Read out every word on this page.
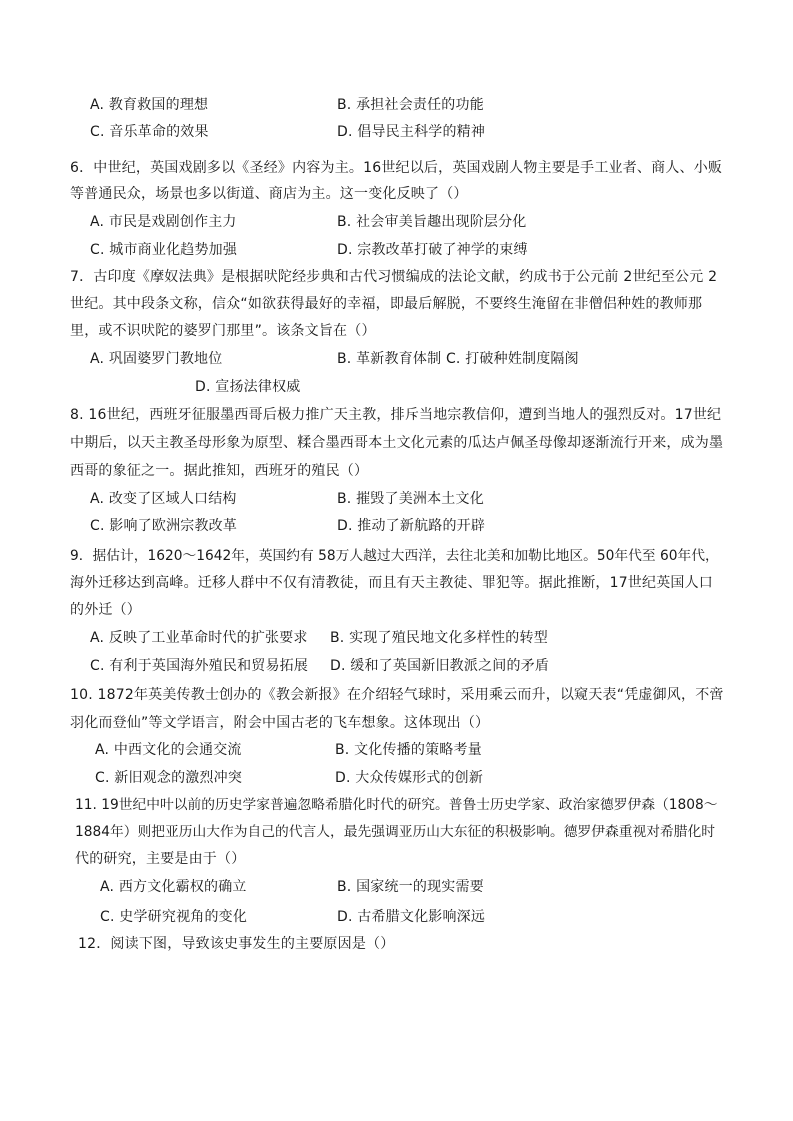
A. 教育救国的理想	B. 承担社会责任的功能
C. 音乐革命的效果	D. 倡导民主科学的精神
6．中世纪，英国戏剧多以《圣经》内容为主。16世纪以后，英国戏剧人物主要是手工业者、商人、小贩
等普通民众，场景也多以街道、商店为主。这一变化反映了（）
A. 市民是戏剧创作主力	B. 社会审美旨趣出现阶层分化
C. 城市商业化趋势加强	D. 宗教改革打破了神学的束缚
7．古印度《摩奴法典》是根据吠陀经步典和古代习惯编成的法论文献，约成书于公元前 2世纪至公元 2
世纪。其中段条文称，信众“如欲获得最好的幸福，即最后解脱，不要终生淹留在非僧侣种姓的教师那
里，或不识吠陀的婆罗门那里”。该条文旨在（）
A. 巩固婆罗门教地位	B. 革新教育体制 C. 打破种姓制度隔阂
D. 宣扬法律权威
8. 16世纪，西班牙征服墨西哥后极力推广天主教，排斥当地宗教信仰，遭到当地人的强烈反对。17世纪
中期后，以天主教圣母形象为原型、糅合墨西哥本土文化元素的瓜达卢佩圣母像却逐渐流行开来，成为墨
西哥的象征之一。据此推知，西班牙的殖民（）
A. 改变了区域人口结构	B. 摧毁了美洲本土文化
C. 影响了欧洲宗教改革	D. 推动了新航路的开辟
9．据估计，1620～1642年，英国约有 58万人越过大西洋，去往北美和加勒比地区。50年代至 60年代，
海外迁移达到高峰。迁移人群中不仅有清教徒，而且有天主教徒、罪犯等。据此推断，17世纪英国人口
的外迁（）
A. 反映了工业革命时代的扩张要求 B. 实现了殖民地文化多样性的转型
C. 有利于英国海外殖民和贸易拓展 D. 缓和了英国新旧教派之间的矛盾
10. 1872年英美传教士创办的《教会新报》在介绍轻气球时，采用乘云而升，以窥天表“凭虚御风，不啻
羽化而登仙”等文学语言，附会中国古老的飞车想象。这体现出（）
A. 中西文化的会通交流	B. 文化传播的策略考量
C. 新旧观念的激烈冲突	D. 大众传媒形式的创新
11. 19世纪中叶以前的历史学家普遍忽略希腊化时代的研究。普鲁士历史学家、政治家德罗伊森（1808～
1884年）则把亚历山大作为自己的代言人，最先强调亚历山大东征的积极影响。德罗伊森重视对希腊化时
代的研究，主要是由于（）
A. 西方文化霸权的确立	B. 国家统一的现实需要
C. 史学研究视角的变化	D. 古希腊文化影响深远
12．阅读下图，导致该史事发生的主要原因是（）
